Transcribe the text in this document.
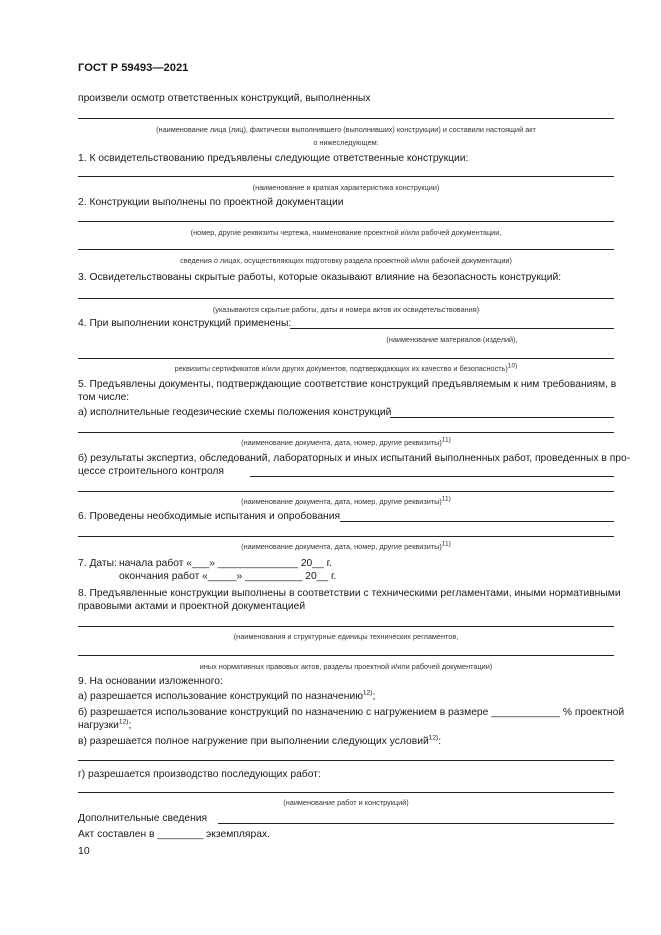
ГОСТ Р 59493—2021
произвели осмотр ответственных конструкций, выполненных
(наименование лица (лиц), фактически выполнившего (выполнивших) конструкции) и составили настоящий акт
о нижеследующем:
1. К освидетельствованию предъявлены следующие ответственные конструкции:
(наименование и краткая характеристика конструкции)
2. Конструкции выполнены по проектной документации
(номер, другие реквизиты чертежа, наименование проектной и/или рабочей документации,
сведения о лицах, осуществляющих подготовку раздела проектной и/или рабочей документации)
3. Освидетельствованы скрытые работы, которые оказывают влияние на безопасность конструкций:
(указываются скрытые работы, даты и номера актов их освидетельствования)
4. При выполнении конструкций применены:
(наименование материалов (изделий),
реквизиты сертификатов и/или других документов, подтверждающих их качество и безопасность)10)
5. Предъявлены документы, подтверждающие соответствие конструкций предъявляемым к ним требованиям, в
том числе:
а) исполнительные геодезические схемы положения конструкций
(наименование документа, дата, номер, другие реквизиты)11)
б) результаты экспертиз, обследований, лабораторных и иных испытаний выполненных работ, проведенных в про-
цессе строительного контроля
(наименование документа, дата, номер, другие реквизиты)11)
6. Проведены необходимые испытания и опробования
(наименование документа, дата, номер, другие реквизиты)11)
7. Даты: начала работ «___» ______________ 20__ г.
окончания работ «_____» __________ 20__ г.
8. Предъявленные конструкции выполнены в соответствии с техническими регламентами, иными нормативными
правовыми актами и проектной документацией
(наименования и структурные единицы технических регламентов,
иных нормативных правовых актов, разделы проектной и/или рабочей документации)
9. На основании изложенного:
а) разрешается использование конструкций по назначению$^{12)}$;
б) разрешается использование конструкций по назначению с нагружением в размере ____________ % проектной
нагрузки$^{12)}$;
в) разрешается полное нагружение при выполнении следующих условий$^{12)}$:
г) разрешается производство последующих работ:
(наименование работ и конструкций)
Дополнительные сведения
Акт составлен в ________ экземплярах.
10
